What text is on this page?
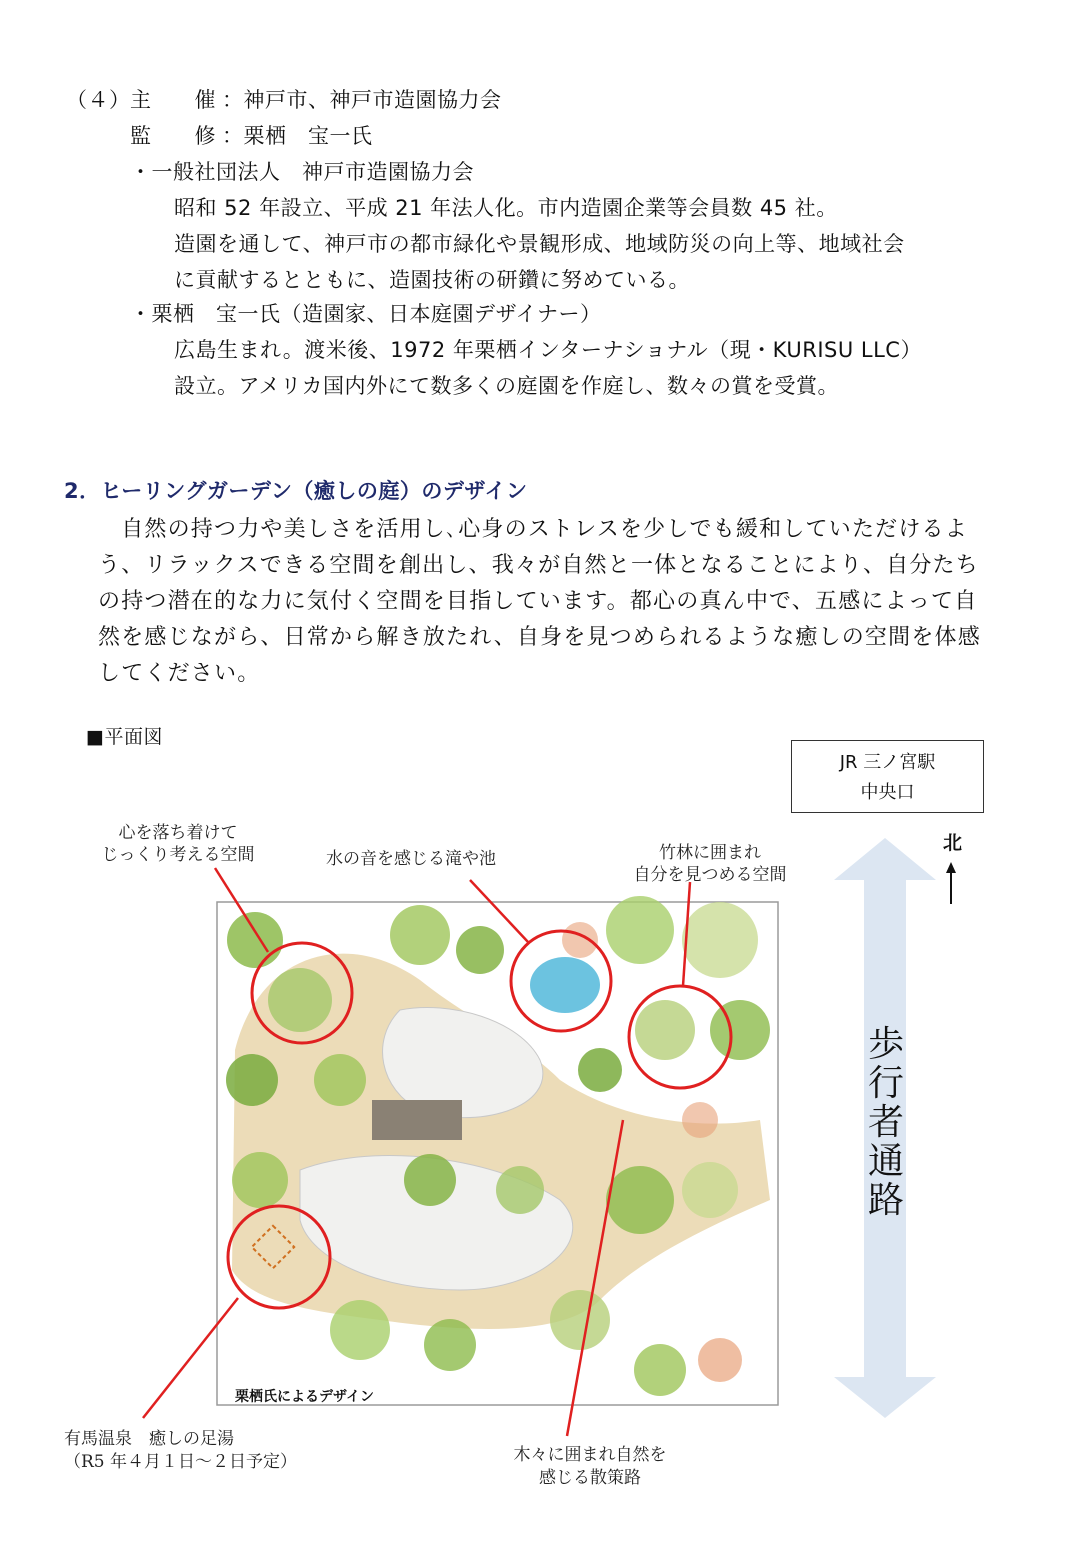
（４） 主　　催 ：神戸市、神戸市造園協力会
監　　修 ：栗栖　宝一氏
・一般社団法人　神戸市造園協力会
昭和 52 年設立、平成 21 年法人化。市内造園企業等会員数 45 社。
造園を通して、神戸市の都市緑化や景観形成、地域防災の向上等、地域社会
に貢献するとともに、造園技術の研鑽に努めている。
・栗栖　宝一氏（造園家、日本庭園デザイナー）
広島生まれ。渡米後、1972 年栗栖インターナショナル（現・KURISU LLC）
設立。アメリカ国内外にて数多くの庭園を作庭し、数々の賞を受賞。
2．ヒーリングガーデン（癒しの庭）のデザイン
　自然の持つ力や美しさを活用し､心身のストレスを少しでも緩和していただけるよ
う、リラックスできる空間を創出し、我々が自然と一体となることにより、自分たち
の持つ潜在的な力に気付く空間を目指しています。都心の真ん中で、五感によって自
然を感じながら、日常から解き放たれ、自身を見つめられるような癒しの空間を体感
してください。
■平面図
JR 三ノ宮駅
中央口
北
心を落ち着けて
じっくり考える空間	水の音を感じる滝や池	竹林に囲まれ
自分を見つめる空間
有馬温泉　癒しの足湯
（R5 年４月１日～２日予定）	木々に囲まれ自然を
感じる散策路
栗栖氏によるデザイン
歩
行
者
通
路
